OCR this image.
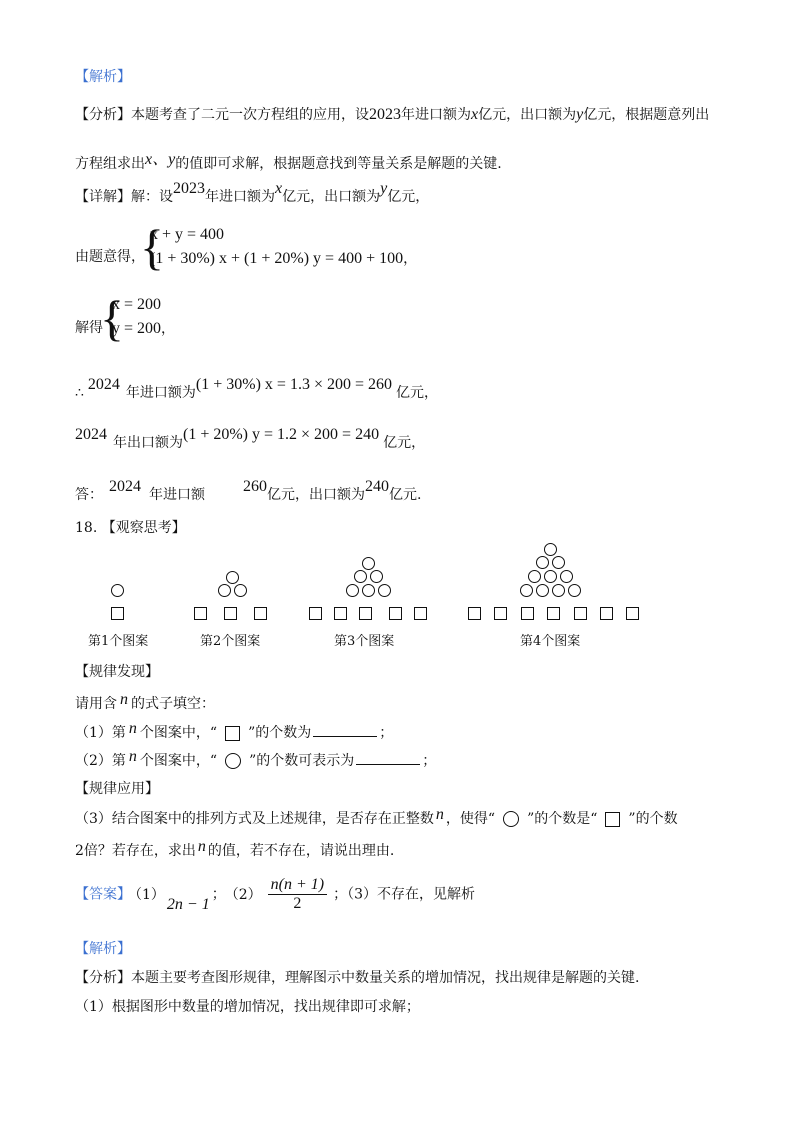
【解析】
【分析】本题考查了二元一次方程组的应用，设2023年进口额为x亿元，出口额为y亿元，根据题意列出
方程组求出x、y的值即可求解，根据题意找到等量关系是解题的关键.
【详解】解：设2023年进口额为x亿元，出口额为y亿元，
由题意得，
{
x + y = 400
(1 + 30%) x + (1 + 20%) y = 400 + 100，
解得
{
x = 200
y = 200，
∴ 2024 年进口额为(1 + 30%) x = 1.3 × 200 = 260 亿元，
2024 年出口额为(1 + 20%) y = 1.2 × 200 = 240 亿元，
答： 2024 年进口额 260亿元，出口额为240亿元.
18. 【观察思考】
第1个图案	第2个图案	第3个图案	第4个图案
【规律发现】
请用含 n 的式子填空：
（1）第 n 个图案中，“ ”的个数为	；
（2）第 n 个图案中，“ ”的个数可表示为	；
【规律应用】
（3）结合图案中的排列方式及上述规律，是否存在正整数 n ，使得“ ”的个数是“ ”的个数
2倍？若存在，求出 n 的值，若不存在，请说出理由.
【答案】 （1）2n − 1； $(2) \frac{n(n + 1)}{2}$ ；（3）不存在，见解析
【解析】
【分析】本题主要考查图形规律，理解图示中数量关系的增加情况，找出规律是解题的关键.
（1）根据图形中数量的增加情况，找出规律即可求解；
